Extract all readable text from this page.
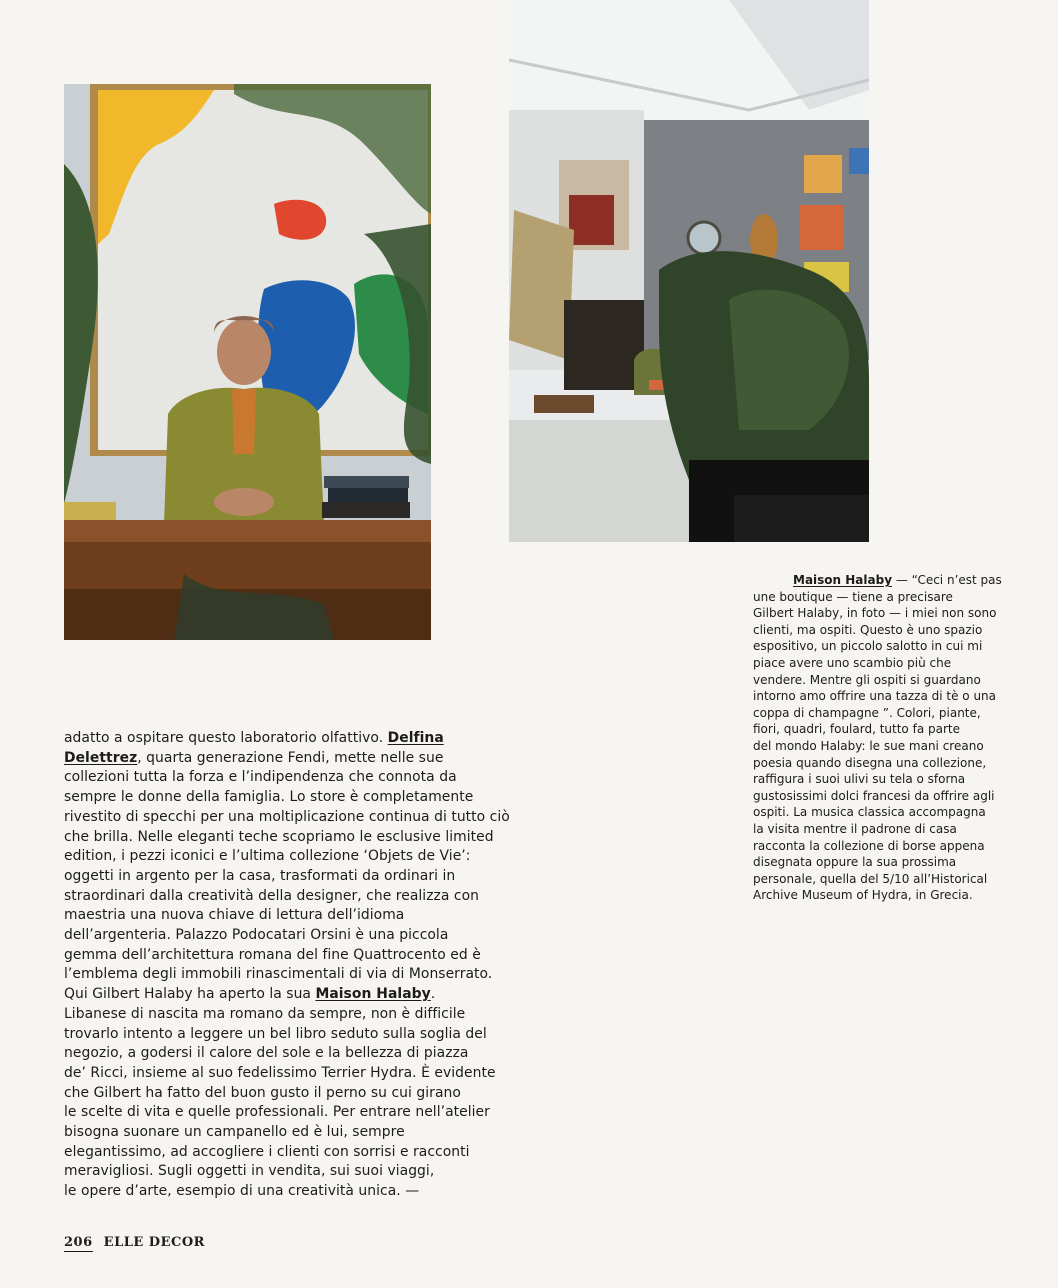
adatto a ospitare questo laboratorio olfattivo. Delfina
Delettrez, quarta generazione Fendi, mette nelle sue
collezioni tutta la forza e l’indipendenza che connota da
sempre le donne della famiglia. Lo store è completamente
rivestito di specchi per una moltiplicazione continua di tutto ciò
che brilla. Nelle eleganti teche scopriamo le esclusive limited
edition, i pezzi iconici e l’ultima collezione ‘Objets de Vie’:
oggetti in argento per la casa, trasformati da ordinari in
straordinari dalla creatività della designer, che realizza con
maestria una nuova chiave di lettura dell’idioma
dell’argenteria. Palazzo Podocatari Orsini è una piccola
gemma dell’architettura romana del fine Quattrocento ed è
l’emblema degli immobili rinascimentali di via di Monserrato.
Qui Gilbert Halaby ha aperto la sua Maison Halaby.
Libanese di nascita ma romano da sempre, non è difficile
trovarlo intento a leggere un bel libro seduto sulla soglia del
negozio, a godersi il calore del sole e la bellezza di piazza
de’ Ricci, insieme al suo fedelissimo Terrier Hydra. È evidente
che Gilbert ha fatto del buon gusto il perno su cui girano
le scelte di vita e quelle professionali. Per entrare nell’atelier
bisogna suonare un campanello ed è lui, sempre
elegantissimo, ad accogliere i clienti con sorrisi e racconti
meravigliosi. Sugli oggetti in vendita, sui suoi viaggi,
le opere d’arte, esempio di una creatività unica. —
Maison Halaby — “Ceci n’est pas
une boutique — tiene a precisare
Gilbert Halaby, in foto — i miei non sono
clienti, ma ospiti. Questo è uno spazio
espositivo, un piccolo salotto in cui mi
piace avere uno scambio più che
vendere. Mentre gli ospiti si guardano
intorno amo offrire una tazza di tè o una
coppa di champagne ”. Colori, piante,
fiori, quadri, foulard, tutto fa parte
del mondo Halaby: le sue mani creano
poesia quando disegna una collezione,
raffigura i suoi ulivi su tela o sforna
gustosissimi dolci francesi da offrire agli
ospiti. La musica classica accompagna
la visita mentre il padrone di casa
racconta la collezione di borse appena
disegnata oppure la sua prossima
personale, quella del 5/10 all’Historical
Archive Museum of Hydra, in Grecia.
206 ELLE DECOR
